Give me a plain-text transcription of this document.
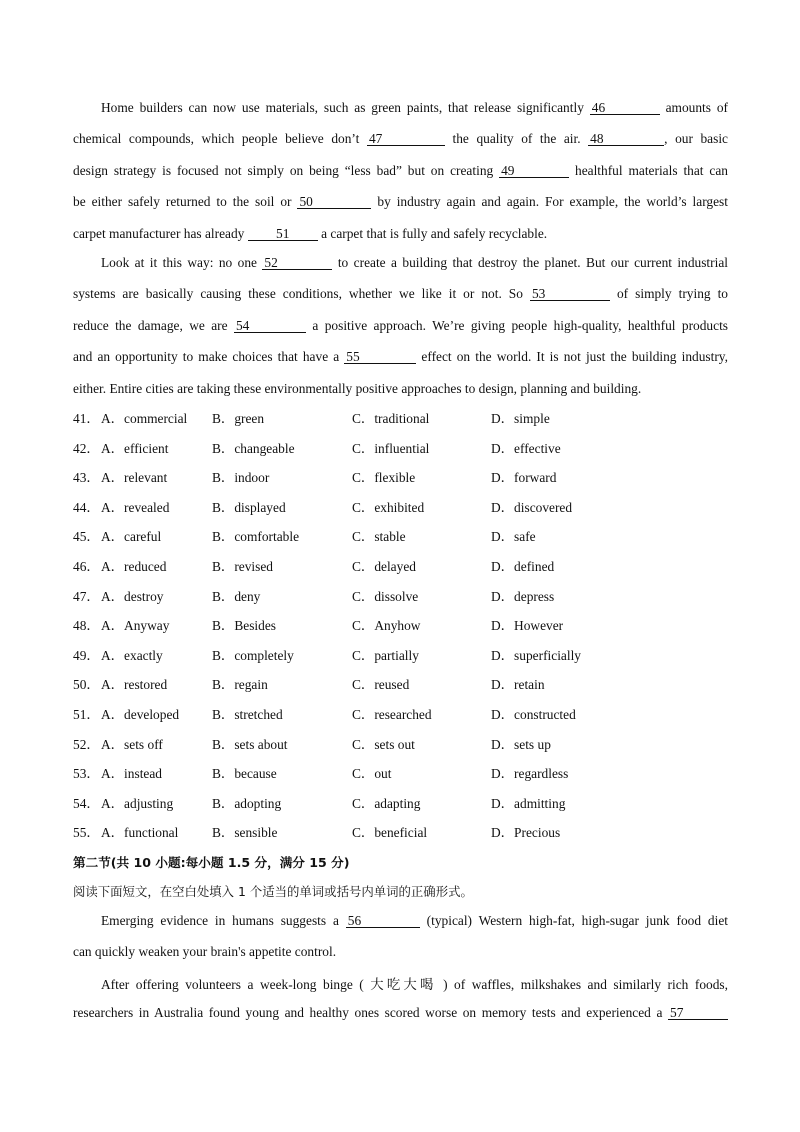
Home builders can now use materials, such as green paints, that release significantly 46	amounts of
chemical compounds, which people believe don’t 47	the quality of the air. 48	, our basic
design strategy is focused not simply on being “less bad” but on creating 49	healthful materials that can
be either safely returned to the soil or 50	by industry again and again. For example, the world’s largest
carpet manufacturer has already 51 a carpet that is fully and safely recyclable.
Look at it this way: no one 52	to create a building that destroy the planet. But our current industrial
systems are basically causing these conditions, whether we like it or not. So 53	of simply trying to
reduce the damage, we are 54	a positive approach. We’re giving people high-quality, healthful products
and an opportunity to make choices that have a 55	effect on the world. It is not just the building industry,
either. Entire cities are taking these environmentally positive approaches to design, planning and building.
41． A．commercial B．green	C．traditional	D．simple
42． A．efficient	B．changeable	C．influential	D．effective
43． A．relevant	B．indoor	C．flexible	D．forward
44． A．revealed	B．displayed	C．exhibited	D．discovered
45． A．careful	B．comfortable	C．stable	D．safe
46． A．reduced	B．revised	C．delayed	D．defined
47． A．destroy	B．deny	C．dissolve	D．depress
48． A．Anyway	B．Besides	C．Anyhow	D．However
49． A．exactly	B．completely	C．partially	D．superficially
50． A．restored	B．regain	C．reused	D．retain
51． A．developed B．stretched	C．researched	D．constructed
52． A．sets off	B．sets about	C．sets out	D．sets up
53． A．instead	B．because	C．out	D．regardless
54． A．adjusting	B．adopting	C．adapting	D．admitting
55． A．functional	B．sensible	C．beneficial	D．Precious
第二节(共 10 小题:每小题 1.5 分，满分 15 分)
阅读下面短文，在空白处填入 1 个适当的单词或括号内单词的正确形式。
Emerging evidence in humans suggests a 56	(typical) Western high-fat, high-sugar junk food diet
can quickly weaken your brain's appetite control.
After offering volunteers a week-long binge ( 大吃大喝 ) of waffles, milkshakes and similarly rich foods,
researchers in Australia found young and healthy ones scored worse on memory tests and experienced a 57
